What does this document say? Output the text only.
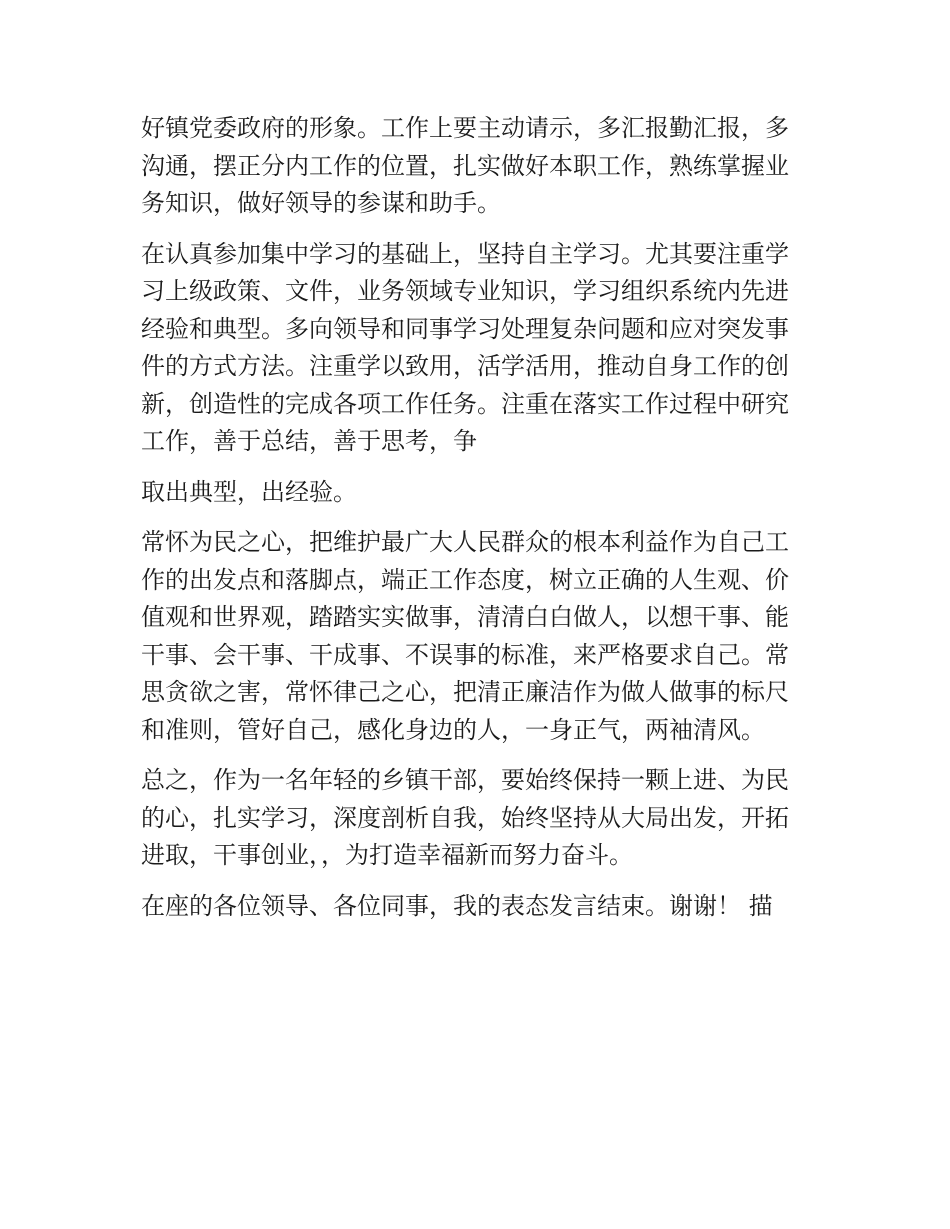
好镇党委政府的形象。工作上要主动请示，多汇报勤汇报，多
沟通，摆正分内工作的位置，扎实做好本职工作，熟练掌握业
务知识，做好领导的参谋和助手。
在认真参加集中学习的基础上，坚持自主学习。尤其要注重学
习上级政策、文件，业务领域专业知识，学习组织系统内先进
经验和典型。多向领导和同事学习处理复杂问题和应对突发事
件的方式方法。注重学以致用，活学活用，推动自身工作的创
新，创造性的完成各项工作任务。注重在落实工作过程中研究
工作，善于总结，善于思考，争
取出典型，出经验。
常怀为民之心，把维护最广大人民群众的根本利益作为自己工
作的出发点和落脚点，端正工作态度，树立正确的人生观、价
值观和世界观，踏踏实实做事，清清白白做人，以想干事、能
干事、会干事、干成事、不误事的标准，来严格要求自己。常
思贪欲之害，常怀律己之心，把清正廉洁作为做人做事的标尺
和准则，管好自己，感化身边的人，一身正气，两袖清风。
总之，作为一名年轻的乡镇干部，要始终保持一颗上进、为民
的心，扎实学习，深度剖析自我，始终坚持从大局出发，开拓
进取，干事创业，，为打造幸福新而努力奋斗。
在座的各位领导、各位同事，我的表态发言结束。谢谢！ 描
